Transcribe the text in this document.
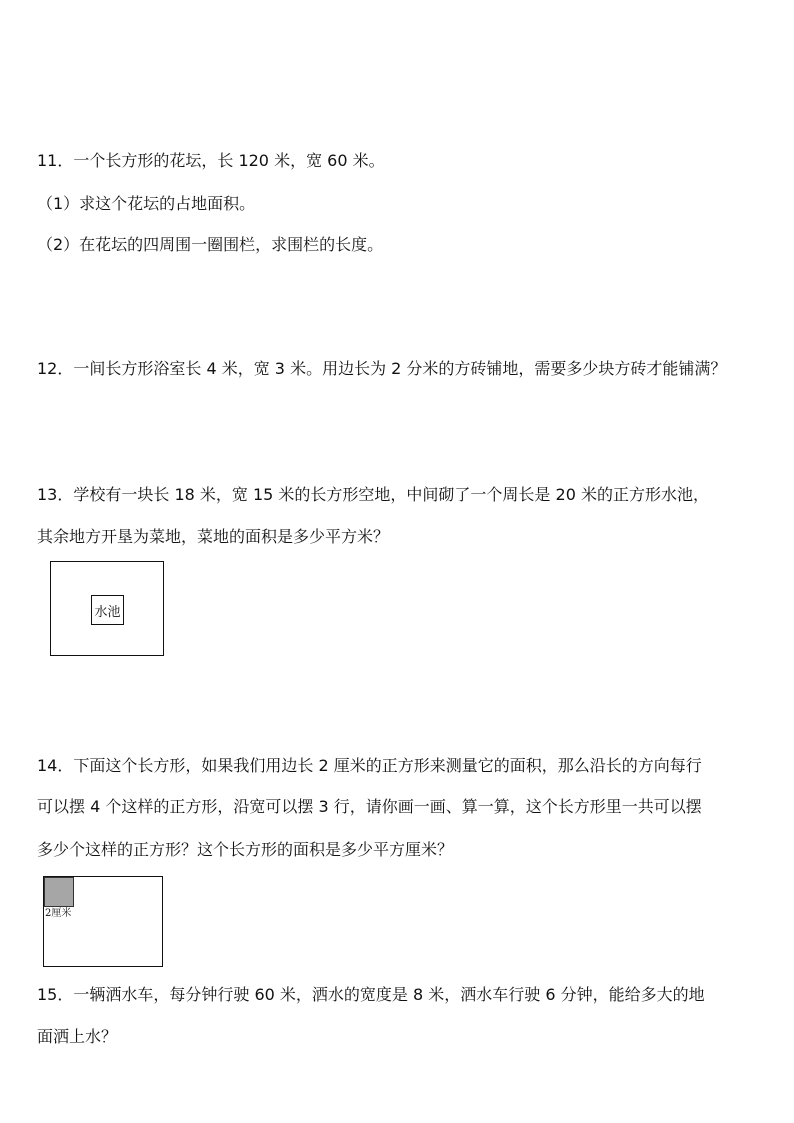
11．一个长方形的花坛，长 120 米，宽 60 米。
（1）求这个花坛的占地面积。
（2）在花坛的四周围一圈围栏，求围栏的长度。
12．一间长方形浴室长 4 米，宽 3 米。用边长为 2 分米的方砖铺地，需要多少块方砖才能铺满？
13．学校有一块长 18 米，宽 15 米的长方形空地，中间砌了一个周长是 20 米的正方形水池，
其余地方开垦为菜地，菜地的面积是多少平方米？
水池
14．下面这个长方形，如果我们用边长 2 厘米的正方形来测量它的面积，那么沿长的方向每行
可以摆 4 个这样的正方形，沿宽可以摆 3 行，请你画一画、算一算，这个长方形里一共可以摆
多少个这样的正方形？这个长方形的面积是多少平方厘米？
2厘米
15．一辆洒水车，每分钟行驶 60 米，洒水的宽度是 8 米，洒水车行驶 6 分钟，能给多大的地
面洒上水？
